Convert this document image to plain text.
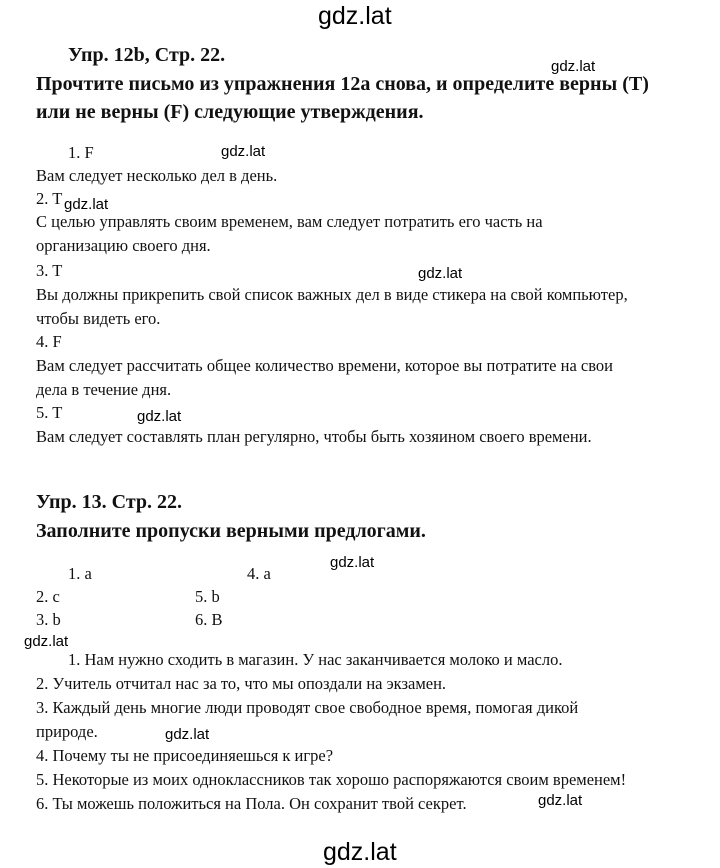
gdz.lat
Упр. 12b, Стр. 22.
gdz.lat
Прочтите письмо из упражнения 12a снова, и определите верны (T)
или не верны (F) следующие утверждения.
1. F	gdz.lat
Вам следует несколько дел в день.
2. T gdz.lat
С целью управлять своим временем, вам следует потратить его часть на
организацию своего дня.
3. T	gdz.lat
Вы должны прикрепить свой список важных дел в виде стикера на свой компьютер,
чтобы видеть его.
4. F
Вам следует рассчитать общее количество времени, которое вы потратите на свои
дела в течение дня.
5. T	gdz.lat
Вам следует составлять план регулярно, чтобы быть хозяином своего времени.
Упр. 13. Стр. 22.
Заполните пропуски верными предлогами.
1. a	4. a
gdz.lat
2. c	5. b
3. b	6. B
gdz.lat
1. Нам нужно сходить в магазин. У нас заканчивается молоко и масло.
2. Учитель отчитал нас за то, что мы опоздали на экзамен.
3. Каждый день многие люди проводят свое свободное время, помогая дикой
природе.	gdz.lat
4. Почему ты не присоединяешься к игре?
5. Некоторые из моих одноклассников так хорошо распоряжаются своим временем!
6. Ты можешь положиться на Пола. Он сохранит твой секрет.	gdz.lat
gdz.lat
